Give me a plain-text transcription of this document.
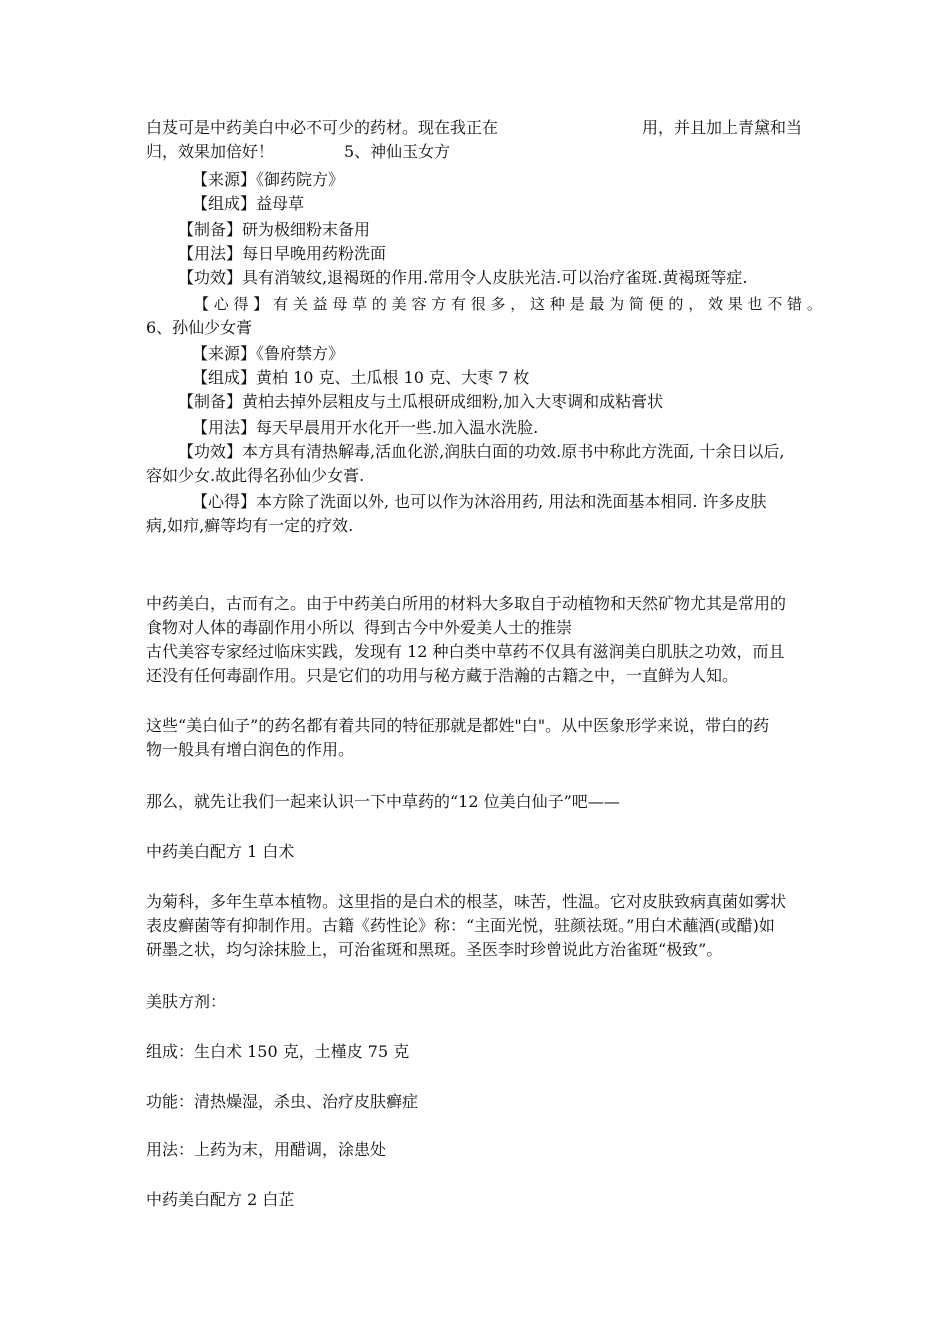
白芨可是中药美白中必不可少的药材。现在我正在	用，并且加上青黛和当
归，效果加倍好！	5、神仙玉女方
【来源】《御药院方》
【组成】益母草
【制备】研为极细粉末备用
【用法】每日早晚用药粉洗面
【功效】具有消皱纹,退褐斑的作用.常用令人皮肤光洁.可以治疗雀斑.黄褐斑等症.
【 心 得 】 有 关 益 母 草 的 美 容 方 有 很 多 ， 这 种 是 最 为 简 便 的 ， 效 果 也 不 错 。
6、孙仙少女膏
【来源】《鲁府禁方》
【组成】黄柏 10 克、土瓜根 10 克、大枣 7 枚
【制备】黄柏去掉外层粗皮与土瓜根研成细粉,加入大枣调和成粘膏状
【用法】每天早晨用开水化开一些.加入温水洗脸.
【功效】本方具有清热解毒,活血化淤,润肤白面的功效.原书中称此方洗面, 十余日以后,
容如少女.故此得名孙仙少女膏.
【心得】本方除了洗面以外, 也可以作为沐浴用药, 用法和洗面基本相同. 许多皮肤
病,如疖,癣等均有一定的疗效.
中药美白，古而有之。由于中药美白所用的材料大多取自于动植物和天然矿物尤其是常用的
食物对人体的毒副作用小所以  得到古今中外爱美人士的推崇
古代美容专家经过临床实践，发现有 12 种白类中草药不仅具有滋润美白肌肤之功效，而且
还没有任何毒副作用。只是它们的功用与秘方藏于浩瀚的古籍之中，一直鲜为人知。
这些“美白仙子”的药名都有着共同的特征那就是都姓"白"。从中医象形学来说，带白的药
物一般具有增白润色的作用。
那么，就先让我们一起来认识一下中草药的“12 位美白仙子”吧——
中药美白配方 1 白术
为菊科，多年生草本植物。这里指的是白术的根茎，味苦，性温。它对皮肤致病真菌如雾状
表皮癣菌等有抑制作用。古籍《药性论》称：“主面光悦，驻颜祛斑。”用白术蘸酒(或醋)如
研墨之状，均匀涂抹脸上，可治雀斑和黑斑。圣医李时珍曾说此方治雀斑“极致”。
美肤方剂：
组成：生白术 150 克，土槿皮 75 克
功能：清热燥湿，杀虫、治疗皮肤癣症
用法：上药为末，用醋调，涂患处
中药美白配方 2 白芷
